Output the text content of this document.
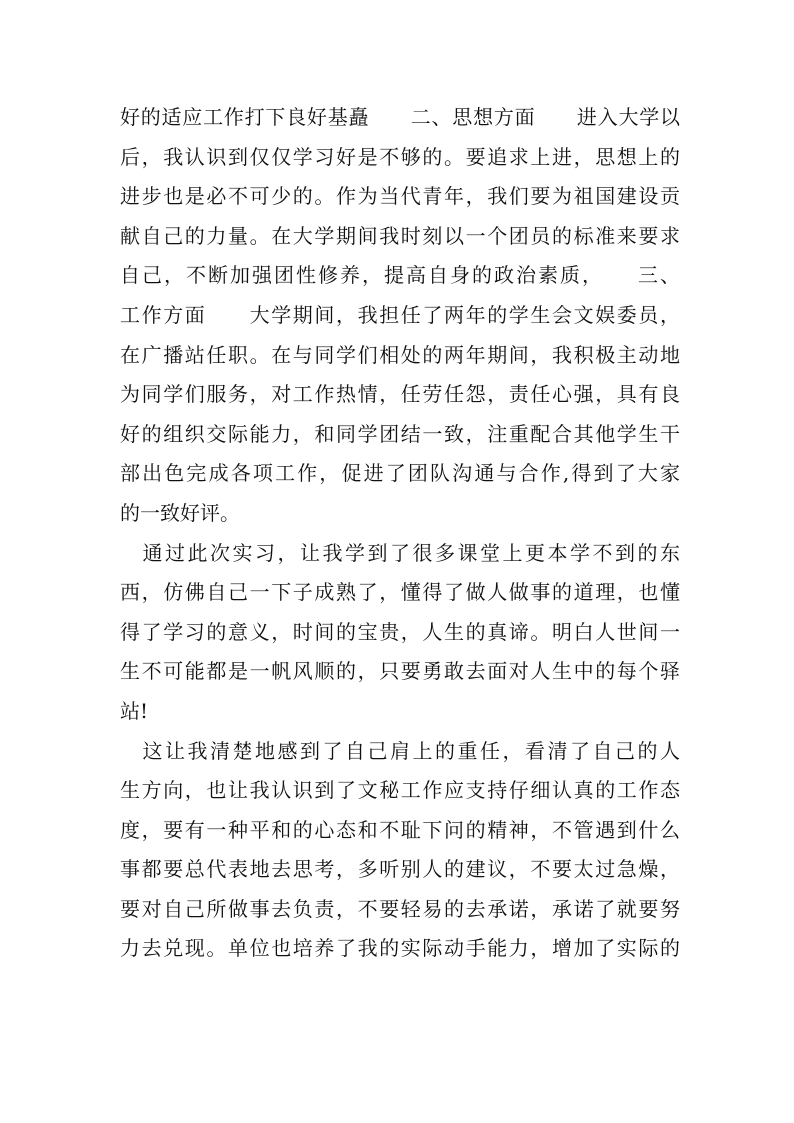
好的适应工作打下良好基矗　　二、思想方面　　进入大学以
后，我认识到仅仅学习好是不够的。要追求上进，思想上的
进步也是必不可少的。作为当代青年，我们要为祖国建设贡
献自己的力量。在大学期间我时刻以一个团员的标准来要求
自己，不断加强团性修养，提高自身的政治素质，　　三、
工作方面　　大学期间，我担任了两年的学生会文娱委员，
在广播站任职。在与同学们相处的两年期间，我积极主动地
为同学们服务，对工作热情，任劳任怨，责任心强，具有良
好的组织交际能力，和同学团结一致，注重配合其他学生干
部出色完成各项工作，促进了团队沟通与合作,得到了大家
的一致好评。
　通过此次实习，让我学到了很多课堂上更本学不到的东
西，仿佛自己一下子成熟了，懂得了做人做事的道理，也懂
得了学习的意义，时间的宝贵，人生的真谛。明白人世间一
生不可能都是一帆风顺的，只要勇敢去面对人生中的每个驿
站!
　这让我清楚地感到了自己肩上的重任，看清了自己的人
生方向，也让我认识到了文秘工作应支持仔细认真的工作态
度，要有一种平和的心态和不耻下问的精神，不管遇到什么
事都要总代表地去思考，多听别人的建议，不要太过急燥，
要对自己所做事去负责，不要轻易的去承诺，承诺了就要努
力去兑现。单位也培养了我的实际动手能力，增加了实际的
